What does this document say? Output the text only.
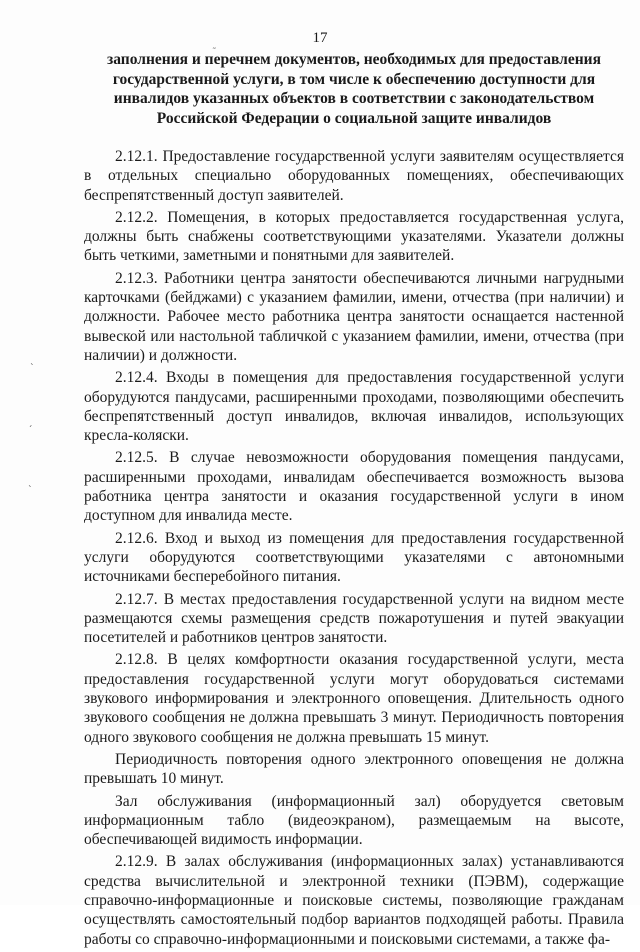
17
˷
ˎ
ˏ
ˎ
заполнения и перечнем документов, необходимых для предоставления государственной услуги, в том числе к обеспечению доступности для инвалидов указанных объектов в соответствии с законодательством Российской Федерации о социальной защите инвалидов

2.12.1. Предоставление государственной услуги заявителям осуществляется в отдельных специально оборудованных помещениях, обеспечивающих беспрепятственный доступ заявителей.

2.12.2. Помещения, в которых предоставляется государственная услуга, должны быть снабжены соответствующими указателями. Указатели должны быть четкими, заметными и понятными для заявителей.

2.12.3. Работники центра занятости обеспечиваются личными нагрудными карточками (бейджами) с указанием фамилии, имени, отчества (при наличии) и должности. Рабочее место работника центра занятости оснащается настенной вывеской или настольной табличкой с указанием фамилии, имени, отчества (при наличии) и должности.

2.12.4. Входы в помещения для предоставления государственной услуги оборудуются пандусами, расширенными проходами, позволяющими обеспечить беспрепятственный доступ инвалидов, включая инвалидов, использующих кресла-коляски.

2.12.5. В случае невозможности оборудования помещения пандусами, расширенными проходами, инвалидам обеспечивается возможность вызова работника центра занятости и оказания государственной услуги в ином доступном для инвалида месте.

2.12.6. Вход и выход из помещения для предоставления государственной услуги оборудуются соответствующими указателями с автономными источниками бесперебойного питания.

2.12.7. В местах предоставления государственной услуги на видном месте размещаются схемы размещения средств пожаротушения и путей эвакуации посетителей и работников центров занятости.

2.12.8. В целях комфортности оказания государственной услуги, места предоставления государственной услуги могут оборудоваться системами звукового информирования и электронного оповещения. Длительность одного звукового сообщения не должна превышать 3 минут. Периодичность повторения одного звукового сообщения не должна превышать 15 минут.

Периодичность повторения одного электронного оповещения не должна превышать 10 минут.

Зал обслуживания (информационный зал) оборудуется световым информационным табло (видеоэкраном), размещаемым на высоте, обеспечивающей видимость информации.

2.12.9. В залах обслуживания (информационных залах) устанавливаются средства вычислительной и электронной техники (ПЭВМ), содержащие справочно-информационные и поисковые системы, позволяющие гражданам осуществлять самостоятельный подбор вариантов подходящей работы. Правила работы со справочно-информационными и поисковыми системами, а также фа-
